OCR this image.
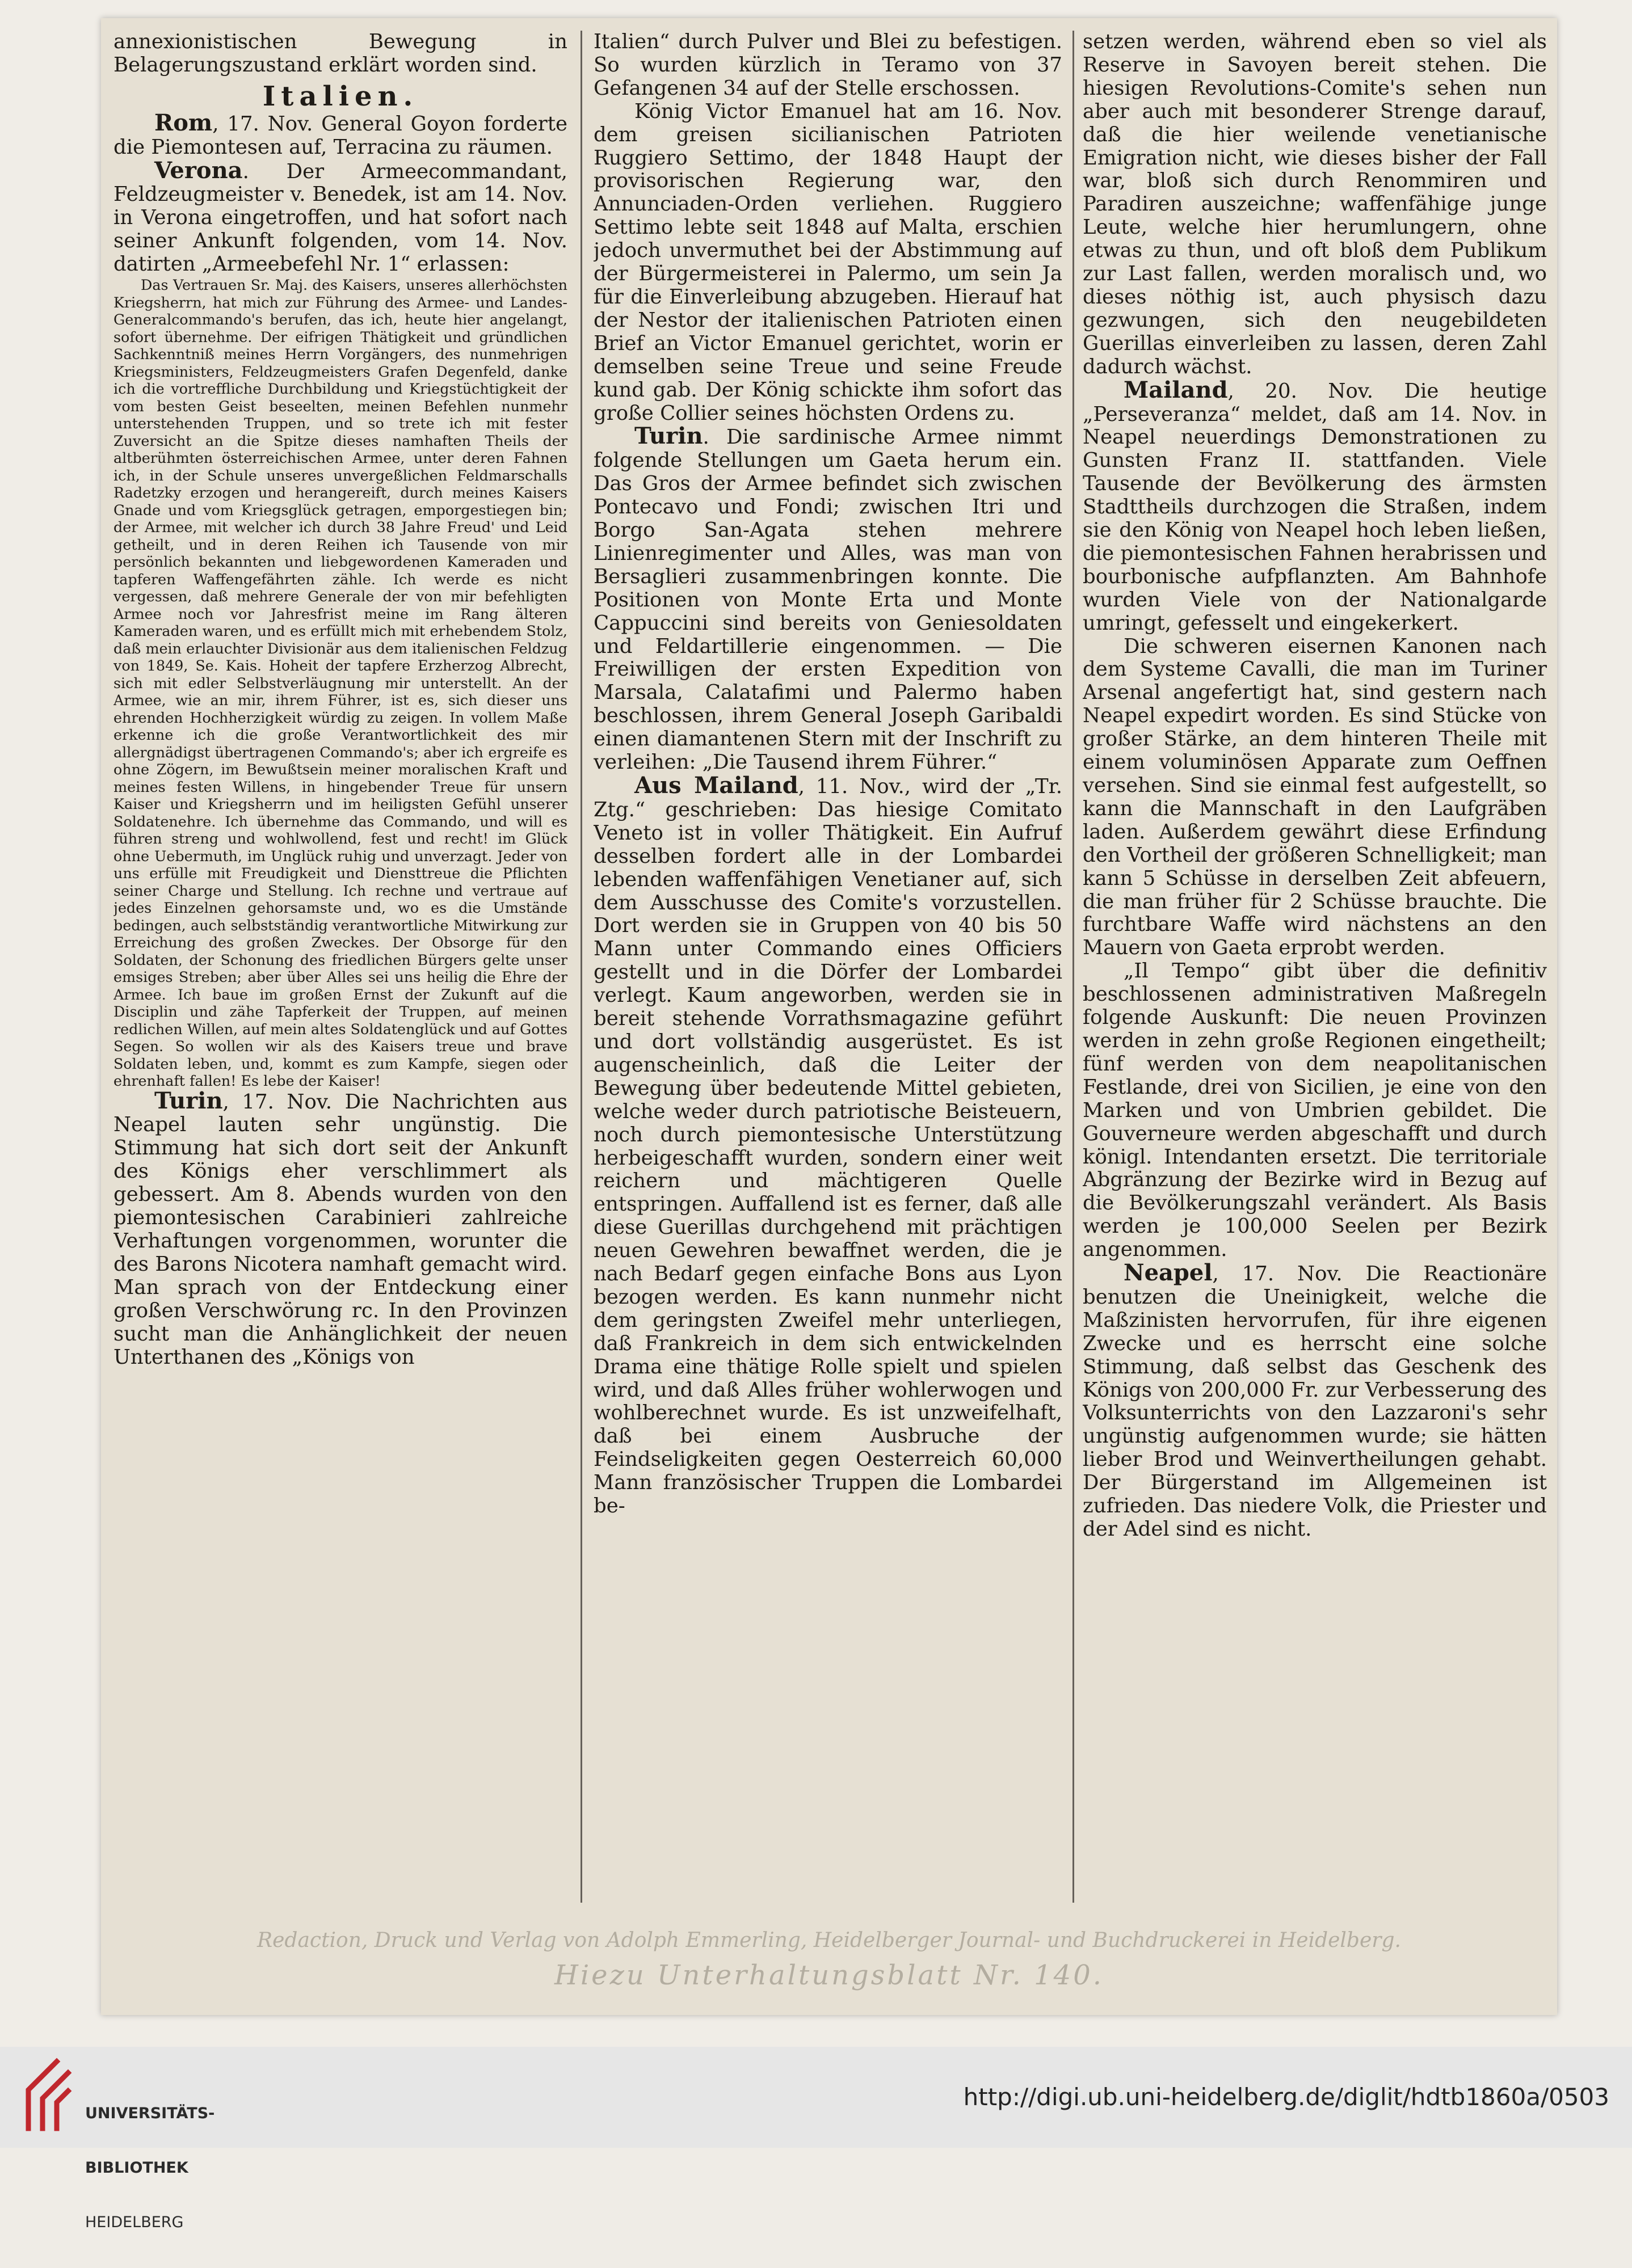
annexionistischen Bewegung in Belagerungszustand erklärt worden sind.

Italien.

Rom, 17. Nov. General Goyon forderte die Piemontesen auf, Terracina zu räumen.

Verona. Der Armeecommandant, Feldzeugmeister v. Benedek, ist am 14. Nov. in Verona eingetroffen, und hat sofort nach seiner Ankunft folgenden, vom 14. Nov. datirten „Armeebefehl Nr. 1“ erlassen:

Das Vertrauen Sr. Maj. des Kaisers, unseres allerhöchsten Kriegsherrn, hat mich zur Führung des Armee- und Landes-Generalcommando's berufen, das ich, heute hier angelangt, sofort übernehme. Der eifrigen Thätigkeit und gründlichen Sachkenntniß meines Herrn Vorgängers, des nunmehrigen Kriegsministers, Feldzeugmeisters Grafen Degenfeld, danke ich die vortreffliche Durchbildung und Kriegstüchtigkeit der vom besten Geist beseelten, meinen Befehlen nunmehr unterstehenden Truppen, und so trete ich mit fester Zuversicht an die Spitze dieses namhaften Theils der altberühmten österreichischen Armee, unter deren Fahnen ich, in der Schule unseres unvergeßlichen Feldmarschalls Radetzky erzogen und herangereift, durch meines Kaisers Gnade und vom Kriegsglück getragen, emporgestiegen bin; der Armee, mit welcher ich durch 38 Jahre Freud' und Leid getheilt, und in deren Reihen ich Tausende von mir persönlich bekannten und liebgewordenen Kameraden und tapferen Waffengefährten zähle. Ich werde es nicht vergessen, daß mehrere Generale der von mir befehligten Armee noch vor Jahresfrist meine im Rang älteren Kameraden waren, und es erfüllt mich mit erhebendem Stolz, daß mein erlauchter Divisionär aus dem italienischen Feldzug von 1849, Se. Kais. Hoheit der tapfere Erzherzog Albrecht, sich mit edler Selbstverläugnung mir unterstellt. An der Armee, wie an mir, ihrem Führer, ist es, sich dieser uns ehrenden Hochherzigkeit würdig zu zeigen. In vollem Maße erkenne ich die große Verantwortlichkeit des mir allergnädigst übertragenen Commando's; aber ich ergreife es ohne Zögern, im Bewußtsein meiner moralischen Kraft und meines festen Willens, in hingebender Treue für unsern Kaiser und Kriegsherrn und im heiligsten Gefühl unserer Soldatenehre. Ich übernehme das Commando, und will es führen streng und wohlwollend, fest und recht! im Glück ohne Uebermuth, im Unglück ruhig und unverzagt. Jeder von uns erfülle mit Freudigkeit und Diensttreue die Pflichten seiner Charge und Stellung. Ich rechne und vertraue auf jedes Einzelnen gehorsamste und, wo es die Umstände bedingen, auch selbstständig verantwortliche Mitwirkung zur Erreichung des großen Zweckes. Der Obsorge für den Soldaten, der Schonung des friedlichen Bürgers gelte unser emsiges Streben; aber über Alles sei uns heilig die Ehre der Armee. Ich baue im großen Ernst der Zukunft auf die Disciplin und zähe Tapferkeit der Truppen, auf meinen redlichen Willen, auf mein altes Soldatenglück und auf Gottes Segen. So wollen wir als des Kaisers treue und brave Soldaten leben, und, kommt es zum Kampfe, siegen oder ehrenhaft fallen! Es lebe der Kaiser!

Turin, 17. Nov. Die Nachrichten aus Neapel lauten sehr ungünstig. Die Stimmung hat sich dort seit der Ankunft des Königs eher verschlimmert als gebessert. Am 8. Abends wurden von den piemontesischen Carabinieri zahlreiche Verhaftungen vorgenommen, worunter die des Barons Nicotera namhaft gemacht wird. Man sprach von der Entdeckung einer großen Verschwörung rc. In den Provinzen sucht man die Anhänglichkeit der neuen Unterthanen des „Königs von

Italien“ durch Pulver und Blei zu befestigen. So wurden kürzlich in Teramo von 37 Gefangenen 34 auf der Stelle erschossen.

König Victor Emanuel hat am 16. Nov. dem greisen sicilianischen Patrioten Ruggiero Settimo, der 1848 Haupt der provisorischen Regierung war, den Annunciaden-Orden verliehen. Ruggiero Settimo lebte seit 1848 auf Malta, erschien jedoch unvermuthet bei der Abstimmung auf der Bürgermeisterei in Palermo, um sein Ja für die Einverleibung abzugeben. Hierauf hat der Nestor der italienischen Patrioten einen Brief an Victor Emanuel gerichtet, worin er demselben seine Treue und seine Freude kund gab. Der König schickte ihm sofort das große Collier seines höchsten Ordens zu.

Turin. Die sardinische Armee nimmt folgende Stellungen um Gaeta herum ein. Das Gros der Armee befindet sich zwischen Pontecavo und Fondi; zwischen Itri und Borgo San-Agata stehen mehrere Linienregimenter und Alles, was man von Bersaglieri zusammenbringen konnte. Die Positionen von Monte Erta und Monte Cappuccini sind bereits von Geniesoldaten und Feldartillerie eingenommen. — Die Freiwilligen der ersten Expedition von Marsala, Calatafimi und Palermo haben beschlossen, ihrem General Joseph Garibaldi einen diamantenen Stern mit der Inschrift zu verleihen: „Die Tausend ihrem Führer.“

Aus Mailand, 11. Nov., wird der „Tr. Ztg.“ geschrieben: Das hiesige Comitato Veneto ist in voller Thätigkeit. Ein Aufruf desselben fordert alle in der Lombardei lebenden waffenfähigen Venetianer auf, sich dem Ausschusse des Comite's vorzustellen. Dort werden sie in Gruppen von 40 bis 50 Mann unter Commando eines Officiers gestellt und in die Dörfer der Lombardei verlegt. Kaum angeworben, werden sie in bereit stehende Vorrathsmagazine geführt und dort vollständig ausgerüstet. Es ist augenscheinlich, daß die Leiter der Bewegung über bedeutende Mittel gebieten, welche weder durch patriotische Beisteuern, noch durch piemontesische Unterstützung herbeigeschafft wurden, sondern einer weit reichern und mächtigeren Quelle entspringen. Auffallend ist es ferner, daß alle diese Guerillas durchgehend mit prächtigen neuen Gewehren bewaffnet werden, die je nach Bedarf gegen einfache Bons aus Lyon bezogen werden. Es kann nunmehr nicht dem geringsten Zweifel mehr unterliegen, daß Frankreich in dem sich entwickelnden Drama eine thätige Rolle spielt und spielen wird, und daß Alles früher wohlerwogen und wohlberechnet wurde. Es ist unzweifelhaft, daß bei einem Ausbruche der Feindseligkeiten gegen Oesterreich 60,000 Mann französischer Truppen die Lombardei be-

setzen werden, während eben so viel als Reserve in Savoyen bereit stehen. Die hiesigen Revolutions-Comite's sehen nun aber auch mit besonderer Strenge darauf, daß die hier weilende venetianische Emigration nicht, wie dieses bisher der Fall war, bloß sich durch Renommiren und Paradiren auszeichne; waffenfähige junge Leute, welche hier herumlungern, ohne etwas zu thun, und oft bloß dem Publikum zur Last fallen, werden moralisch und, wo dieses nöthig ist, auch physisch dazu gezwungen, sich den neugebildeten Guerillas einverleiben zu lassen, deren Zahl dadurch wächst.

Mailand, 20. Nov. Die heutige „Perseveranza“ meldet, daß am 14. Nov. in Neapel neuerdings Demonstrationen zu Gunsten Franz II. stattfanden. Viele Tausende der Bevölkerung des ärmsten Stadttheils durchzogen die Straßen, indem sie den König von Neapel hoch leben ließen, die piemontesischen Fahnen herabrissen und bourbonische aufpflanzten. Am Bahnhofe wurden Viele von der Nationalgarde umringt, gefesselt und eingekerkert.

Die schweren eisernen Kanonen nach dem Systeme Cavalli, die man im Turiner Arsenal angefertigt hat, sind gestern nach Neapel expedirt worden. Es sind Stücke von großer Stärke, an dem hinteren Theile mit einem voluminösen Apparate zum Oeffnen versehen. Sind sie einmal fest aufgestellt, so kann die Mannschaft in den Laufgräben laden. Außerdem gewährt diese Erfindung den Vortheil der größeren Schnelligkeit; man kann 5 Schüsse in derselben Zeit abfeuern, die man früher für 2 Schüsse brauchte. Die furchtbare Waffe wird nächstens an den Mauern von Gaeta erprobt werden.

„Il Tempo“ gibt über die definitiv beschlossenen administrativen Maßregeln folgende Auskunft: Die neuen Provinzen werden in zehn große Regionen eingetheilt; fünf werden von dem neapolitanischen Festlande, drei von Sicilien, je eine von den Marken und von Umbrien gebildet. Die Gouverneure werden abgeschafft und durch königl. Intendanten ersetzt. Die territoriale Abgränzung der Bezirke wird in Bezug auf die Bevölkerungszahl verändert. Als Basis werden je 100,000 Seelen per Bezirk angenommen.

Neapel, 17. Nov. Die Reactionäre benutzen die Uneinigkeit, welche die Maßzinisten hervorrufen, für ihre eigenen Zwecke und es herrscht eine solche Stimmung, daß selbst das Geschenk des Königs von 200,000 Fr. zur Verbesserung des Volksunterrichts von den Lazzaroni's sehr ungünstig aufgenommen wurde; sie hätten lieber Brod und Weinvertheilungen gehabt. Der Bürgerstand im Allgemeinen ist zufrieden. Das niedere Volk, die Priester und der Adel sind es nicht.

Redaction, Druck und Verlag von Adolph Emmerling, Heidelberger Journal- und Buchdruckerei in Heidelberg.
Hiezu Unterhaltungsblatt Nr. 140.

UNIVERSITÄTS-

BIBLIOTHEK

HEIDELBERG

http://digi.ub.uni-heidelberg.de/diglit/hdtb1860a/0503
